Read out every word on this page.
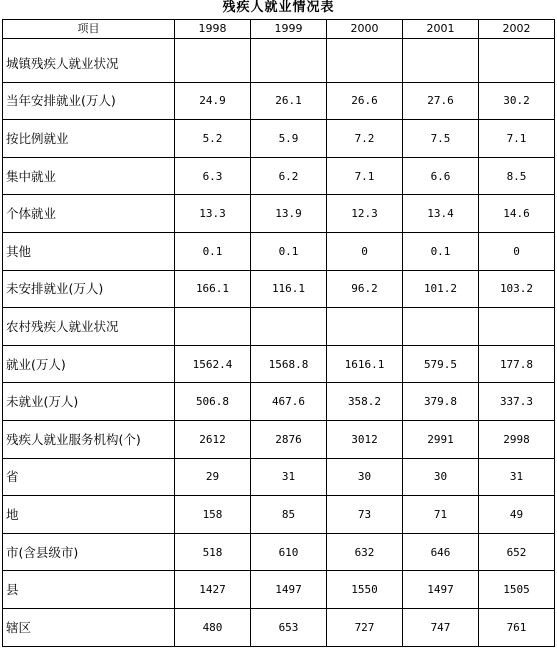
残疾人就业情况表
项目	1998	1999	2000	2001	2002
城镇残疾人就业状况					
当年安排就业(万人)	24.9	26.1	26.6	27.6	30.2
按比例就业	5.2	5.9	7.2	7.5	7.1
集中就业	6.3	6.2	7.1	6.6	8.5
个体就业	13.3	13.9	12.3	13.4	14.6
其他	0.1	0.1	0	0.1	0
未安排就业(万人)	166.1	116.1	96.2	101.2	103.2
农村残疾人就业状况					
就业(万人)	1562.4	1568.8	1616.1	579.5	177.8
未就业(万人)	506.8	467.6	358.2	379.8	337.3
残疾人就业服务机构(个)	2612	2876	3012	2991	2998
省	29	31	30	30	31
地	158	85	73	71	49
市(含县级市)	518	610	632	646	652
县	1427	1497	1550	1497	1505
辖区	480	653	727	747	761
